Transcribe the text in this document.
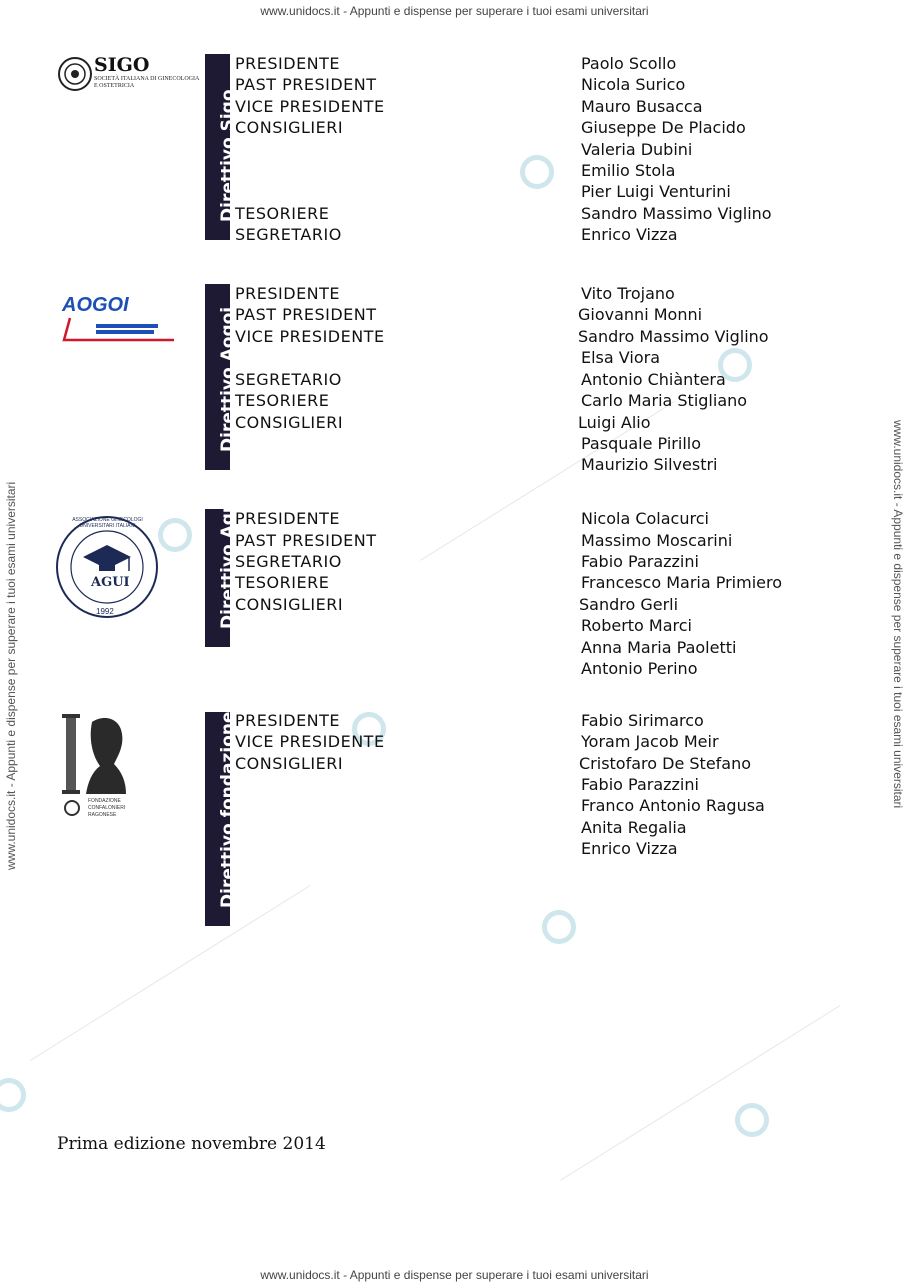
www.unidocs.it - Appunti e dispense per superare i tuoi esami universitari
www.unidocs.it - Appunti e dispense per superare i tuoi esami universitari
www.unidocs.it - Appunti e dispense per superare i tuoi esami universitari	www.unidocs.it - Appunti e dispense per superare i tuoi esami universitari
SIGO
SOCIETÀ ITALIANA DI GINECOLOGIA E OSTETRICIA
Direttivo Sigo
PRESIDENTE	Paolo Scollo
PAST PRESIDENT	Nicola Surico
VICE PRESIDENTE	Mauro Busacca
CONSIGLIERI	Giuseppe De Placido
Valeria Dubini
Emilio Stola
Pier Luigi Venturini
TESORIERE	Sandro Massimo Viglino
SEGRETARIO	Enrico Vizza
AOGOI
Direttivo Aogoi
PRESIDENTE	Vito Trojano
PAST PRESIDENT	Giovanni Monni
VICE PRESIDENTE	Sandro Massimo Viglino
Elsa Viora
SEGRETARIO	Antonio Chiàntera
TESORIERE	Carlo Maria Stigliano
CONSIGLIERI	Luigi Alio
Pasquale Pirillo
Maurizio Silvestri
AGUI
ASSOCIAZIONE GINECOLOGI UNIVERSITARI ITALIANI
1992	Direttivo Agui
PRESIDENTE	Nicola Colacurci
PAST PRESIDENT	Massimo Moscarini
SEGRETARIO	Fabio Parazzini
TESORIERE	Francesco Maria Primiero
CONSIGLIERI	Sandro Gerli
Roberto Marci
Anna Maria Paoletti
Antonio Perino
FONDAZIONE CONFALONIERI RAGONESE	Direttivo fondazione
PRESIDENTE	Fabio Sirimarco
VICE PRESIDENTE	Yoram Jacob Meir
CONSIGLIERI	Cristofaro De Stefano
Fabio Parazzini
Franco Antonio Ragusa
Anita Regalia
Enrico Vizza
Prima edizione novembre 2014
